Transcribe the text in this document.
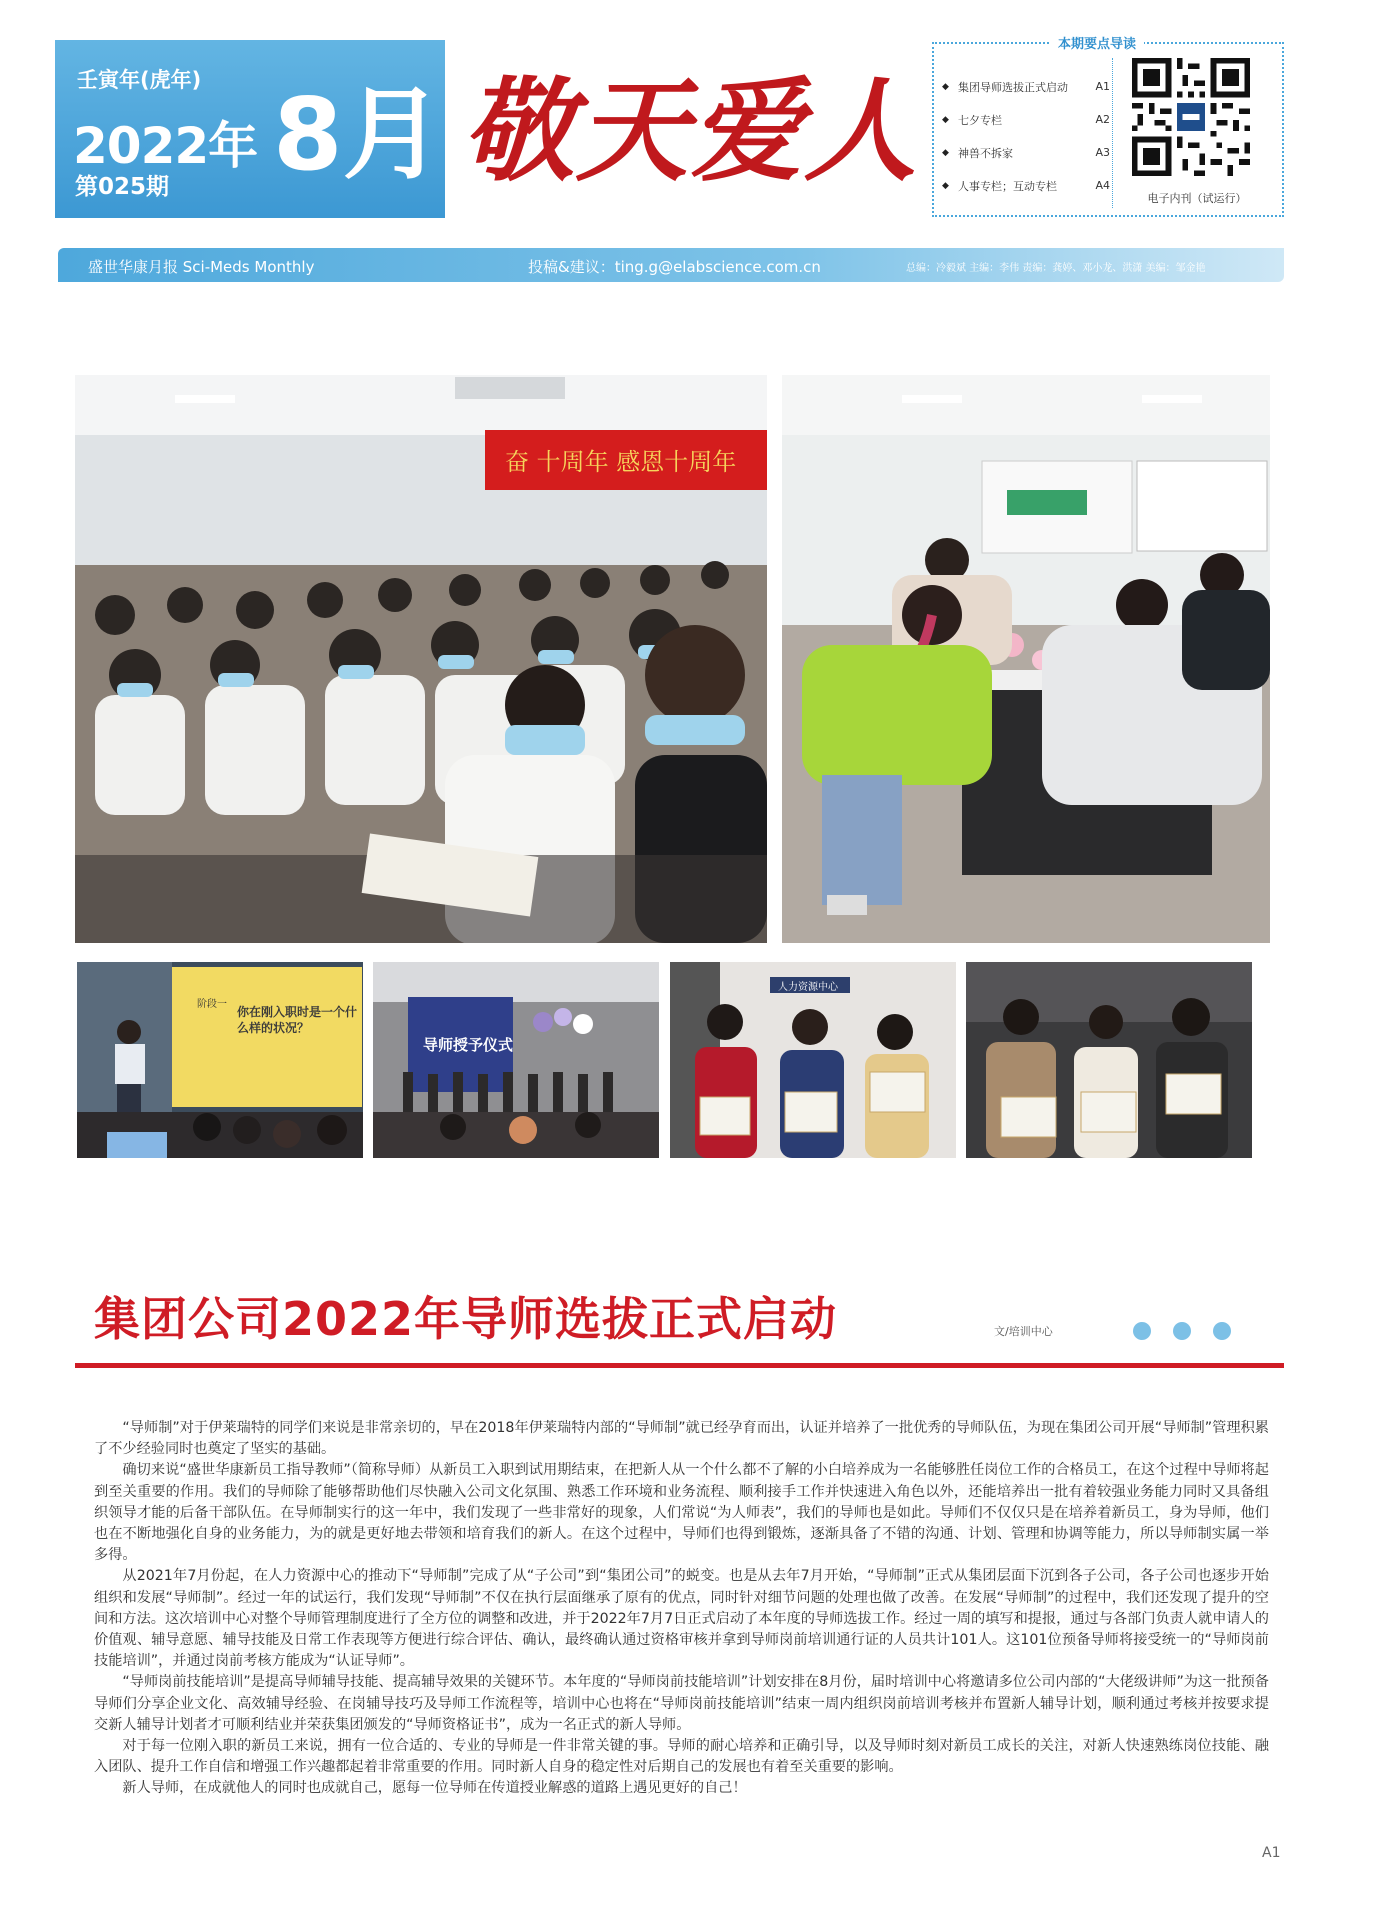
壬寅年(虎年)
2022年 8月
第025期	敬天爱人
本期要点导读
◆ 集团导师选拔正式启动	A1
◆ 七夕专栏	A2
◆ 神兽不拆家	A3
◆ 人事专栏；互动专栏	A4
电子内刊（试运行）
盛世华康月报 Sci-Meds Monthly	投稿&建议：ting.g@elabscience.com.cn	总编：冷毅斌 主编：李伟 责编：龚婷、邓小龙、洪潇 美编：邹金艳
奋 十周年 感恩十周年
阶段一
你在刚入职时是一个什么样的状况？
导师授予仪式
人力资源中心
集团公司2022年导师选拔正式启动	文/培训中心

“导师制”对于伊莱瑞特的同学们来说是非常亲切的，早在2018年伊莱瑞特内部的“导师制”就已经孕育而出，认证并培养了一批优秀的导师队伍，为现在集团公司开展“导师制”管理积累了不少经验同时也奠定了坚实的基础。

确切来说“盛世华康新员工指导教师”（简称导师）从新员工入职到试用期结束，在把新人从一个什么都不了解的小白培养成为一名能够胜任岗位工作的合格员工，在这个过程中导师将起到至关重要的作用。我们的导师除了能够帮助他们尽快融入公司文化氛围、熟悉工作环境和业务流程、顺利接手工作并快速进入角色以外，还能培养出一批有着较强业务能力同时又具备组织领导才能的后备干部队伍。在导师制实行的这一年中，我们发现了一些非常好的现象，人们常说“为人师表”，我们的导师也是如此。导师们不仅仅只是在培养着新员工，身为导师，他们也在不断地强化自身的业务能力，为的就是更好地去带领和培育我们的新人。在这个过程中，导师们也得到锻炼，逐渐具备了不错的沟通、计划、管理和协调等能力，所以导师制实属一举多得。

从2021年7月份起，在人力资源中心的推动下“导师制”完成了从“子公司”到“集团公司”的蜕变。也是从去年7月开始，“导师制”正式从集团层面下沉到各子公司，各子公司也逐步开始组织和发展“导师制”。经过一年的试运行，我们发现“导师制”不仅在执行层面继承了原有的优点，同时针对细节问题的处理也做了改善。在发展“导师制”的过程中，我们还发现了提升的空间和方法。这次培训中心对整个导师管理制度进行了全方位的调整和改进，并于2022年7月7日正式启动了本年度的导师选拔工作。经过一周的填写和提报，通过与各部门负责人就申请人的价值观、辅导意愿、辅导技能及日常工作表现等方便进行综合评估、确认，最终确认通过资格审核并拿到导师岗前培训通行证的人员共计101人。这101位预备导师将接受统一的“导师岗前技能培训”，并通过岗前考核方能成为“认证导师”。

“导师岗前技能培训”是提高导师辅导技能、提高辅导效果的关键环节。本年度的“导师岗前技能培训”计划安排在8月份，届时培训中心将邀请多位公司内部的“大佬级讲师”为这一批预备导师们分享企业文化、高效辅导经验、在岗辅导技巧及导师工作流程等，培训中心也将在“导师岗前技能培训”结束一周内组织岗前培训考核并布置新人辅导计划，顺利通过考核并按要求提交新人辅导计划者才可顺利结业并荣获集团颁发的“导师资格证书”，成为一名正式的新人导师。

对于每一位刚入职的新员工来说，拥有一位合适的、专业的导师是一件非常关键的事。导师的耐心培养和正确引导，以及导师时刻对新员工成长的关注，对新人快速熟练岗位技能、融入团队、提升工作自信和增强工作兴趣都起着非常重要的作用。同时新人自身的稳定性对后期自己的发展也有着至关重要的影响。

新人导师，在成就他人的同时也成就自己，愿每一位导师在传道授业解惑的道路上遇见更好的自己！

A1
